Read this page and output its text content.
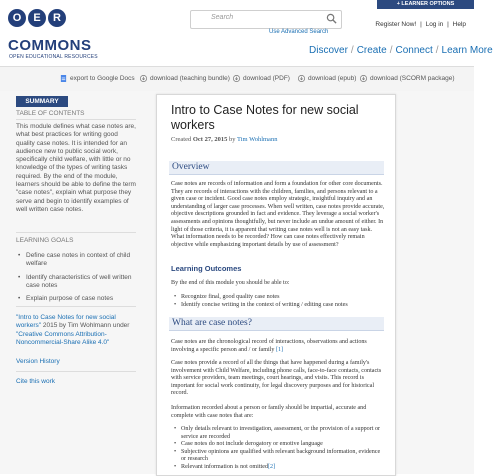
O	E	R
COMMONS
OPEN EDUCATIONAL RESOURCES
Search
Use Advanced Search
+ LEARNER OPTIONS
Register Now! | Log in | Help
Discover / Create / Connect / Learn More
export to Google Docs	download (teaching bundle)	download (PDF)	download (epub)	download (SCORM package)
SUMMARY
TABLE OF CONTENTS
This module defines what case notes are, what best practices for writing good quality case notes. It is intended for an audience new to public social work, specifically child welfare, with little or no knowledge of the types of writing tasks required. By the end of the module, learners should be able to define the term "case notes", explain what purpose they serve and begin to identify examples of well written case notes.
LEARNING GOALS
• Define case notes in context of child welfare
• Identify characteristics of well written case notes
• Explain purpose of case notes
"Intro to Case Notes for new social workers" 2015 by Tim Wohlmann under "Creative Commons Attribution-Noncommercial-Share Alike 4.0"
Version History
Cite this work
Intro to Case Notes for new social workers
Created Oct 27, 2015 by Tim Wohlmann
Overview
Case notes are records of information and form a foundation for other core documents. They are records of interactions with the children, families, and persons relevant to a given case or incident. Good case notes employ strategic, insightful inquiry and an understanding of larger case processes. When well written, case notes provide accurate, objective descriptions grounded in fact and evidence. They leverage a social worker's assessments and opinions thoughtfully, but never include an undue amount of either. In light of those criteria, it is apparent that writing case notes well is not an easy task. What information needs to be recorded? How can case notes effectively remain objective while emphasizing important details by use of assessment?
Learning Outcomes
By the end of this module you should be able to:
• Recognize final, good quality case notes
• Identify concise writing in the context of writing / editing case notes
What are case notes?
Case notes are the chronological record of interactions, observations and actions involving a specific person and / or family [1]
Case notes provide a record of all the things that have happened during a family's involvement with Child Welfare, including phone calls, face-to-face contacts, contacts with service providers, team meetings, court hearings, and visits. This record is important for social work continuity, for legal discovery purposes and for historical record.
Information recorded about a person or family should be impartial, accurate and complete with case notes that are:
• Only details relevant to investigation, assessment, or the provision of a support or service are recorded
• Case notes do not include derogatory or emotive language
• Subjective opinions are qualified with relevant background information, evidence or research
• Relevant information is not omitted[2]
